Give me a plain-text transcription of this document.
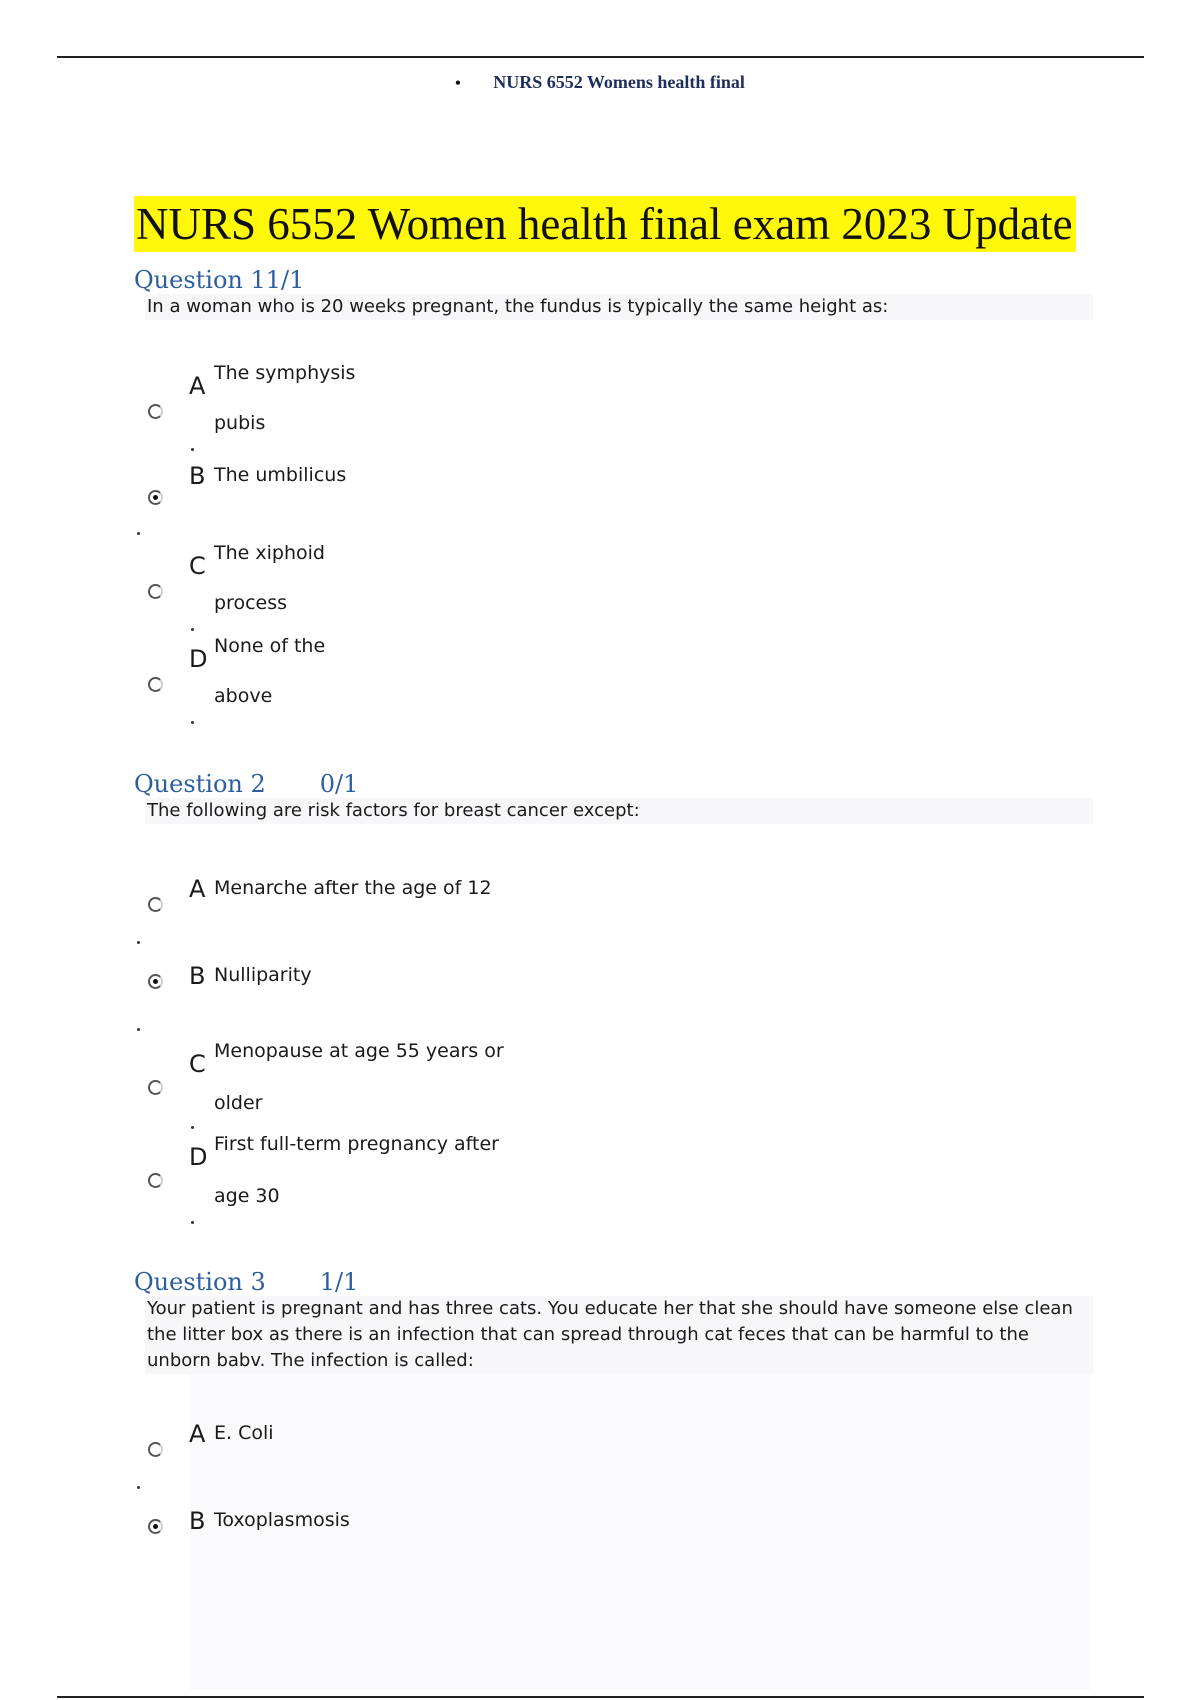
• NURS 6552 Womens health final
NURS 6552 Women health final exam 2023 Update
Question 11/1
In a woman who is 20 weeks pregnant, the fundus is typically the same height as:
A The symphysis
pubis
B The umbilicus
C The xiphoid
process
D None of the
above
Question 2 0/1
The following are risk factors for breast cancer except:
A Menarche after the age of 12
B Nulliparity
C Menopause at age 55 years or
older
D First full-term pregnancy after
age 30
Question 3 1/1
Your patient is pregnant and has three cats. You educate her that she should have someone else clean the litter box as there is an infection that can spread through cat feces that can be harmful to the unborn babv. The infection is called:
A E. Coli
B Toxoplasmosis
